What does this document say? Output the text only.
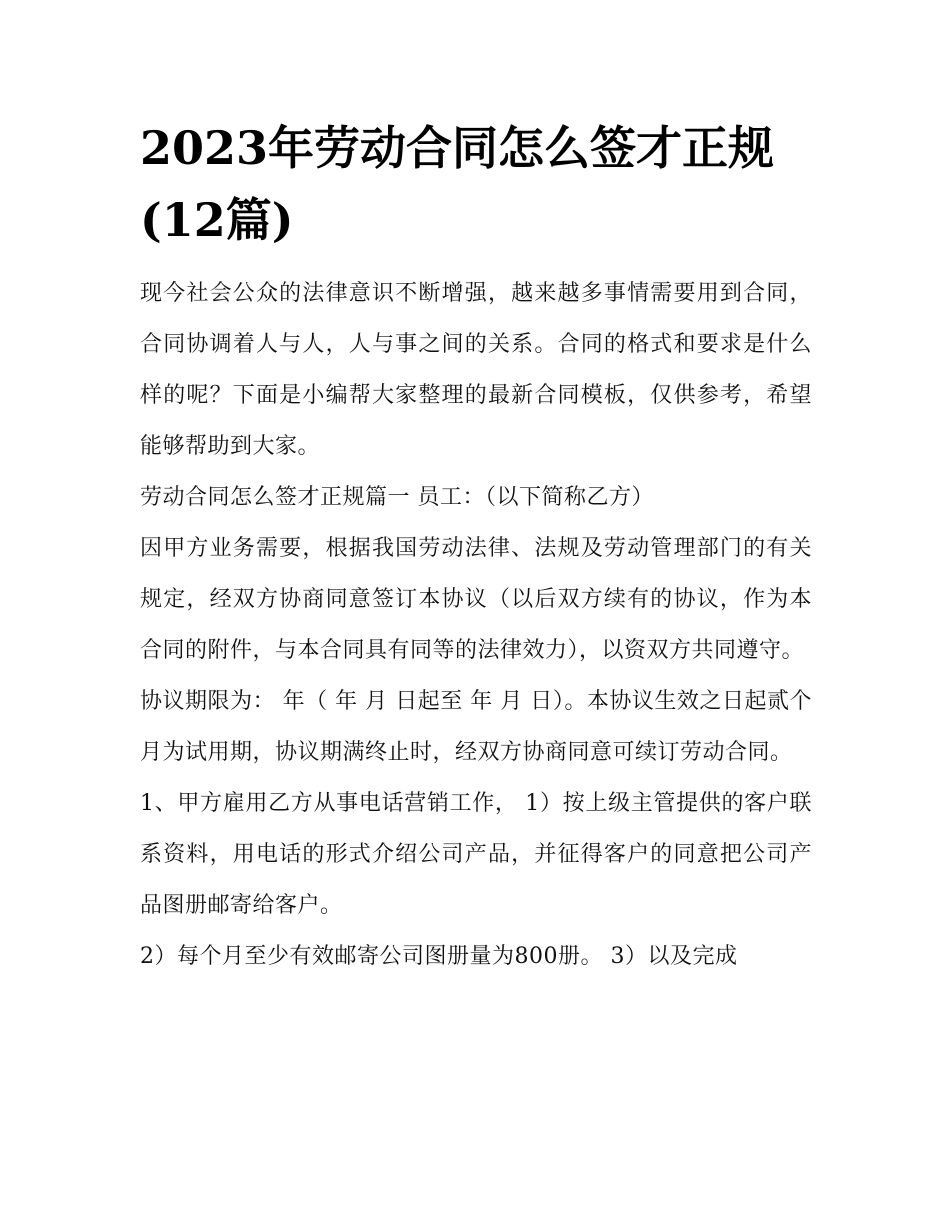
2023年劳动合同怎么签才正规(12篇)

现今社会公众的法律意识不断增强，越来越多事情需要用到合同，合同协调着人与人，人与事之间的关系。合同的格式和要求是什么样的呢？下面是小编帮大家整理的最新合同模板，仅供参考，希望能够帮助到大家。

劳动合同怎么签才正规篇一 员工：（以下简称乙方）

因甲方业务需要，根据我国劳动法律、法规及劳动管理部门的有关规定，经双方协商同意签订本协议（以后双方续有的协议，作为本合同的附件，与本合同具有同等的法律效力），以资双方共同遵守。

协议期限为： 年（ 年 月 日起至 年 月 日）。本协议生效之日起贰个月为试用期，协议期满终止时，经双方协商同意可续订劳动合同。

1、甲方雇用乙方从事电话营销工作， 1）按上级主管提供的客户联系资料，用电话的形式介绍公司产品，并征得客户的同意把公司产品图册邮寄给客户。

2）每个月至少有效邮寄公司图册量为800册。 3）以及完成
